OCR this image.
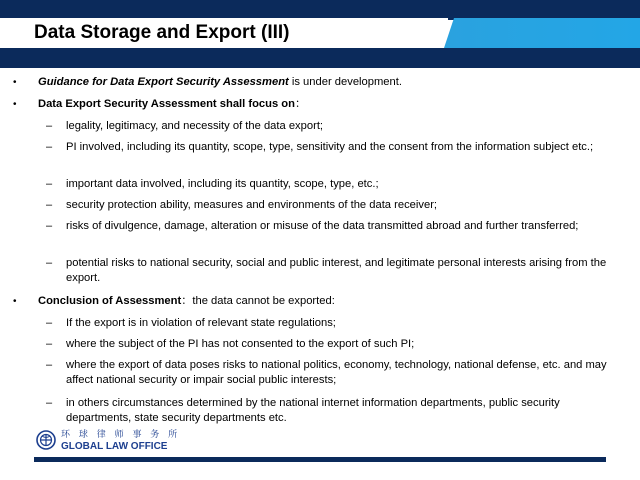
Data Storage and Export (III)
• Guidance for Data Export Security Assessment is under development.
• Data Export Security Assessment shall focus on：
– legality, legitimacy, and necessity of the data export;
– PI involved, including its quantity, scope, type, sensitivity and the consent from the information subject etc.;
– important data involved, including its quantity, scope, type, etc.;
– security protection ability, measures and environments of the data receiver;
– risks of divulgence, damage, alteration or misuse of the data transmitted abroad and further transferred;
– potential risks to national security, social and public interest, and legitimate personal interests arising from the export.
• Conclusion of Assessment：the data cannot be exported:
– If the export is in violation of relevant state regulations;
– where the subject of the PI has not consented to the export of such PI;
– where the export of data poses risks to national politics, economy, technology, national defense, etc. and may affect national security or impair social public interests;
– in others circumstances determined by the national internet information departments, public security departments, state security departments etc.
环 球 律 师 事 务 所
GLOBAL LAW OFFICE
